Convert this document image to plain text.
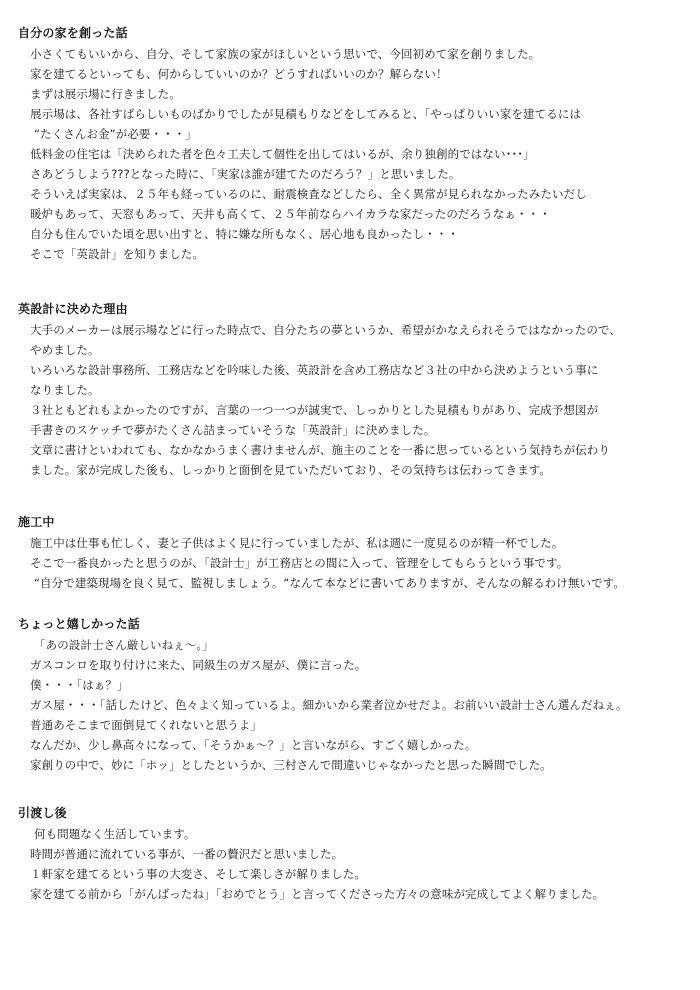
自分の家を創った話
小さくてもいいから、自分、そして家族の家がほしいという思いで、今回初めて家を創りました。
家を建てるといっても、何からしていいのか？どうすればいいのか？解らない！
まずは展示場に行きました。
展示場は、各社すばらしいものばかりでしたが見積もりなどをしてみると、「やっぱりいい家を建てるには
“たくさんお金”が必要・・・」
低料金の住宅は「決められた者を色々工夫して個性を出してはいるが、余り独創的ではない･･･」
さあどうしよう???となった時に、「実家は誰が建てたのだろう？」と思いました。
そういえば実家は、２５年も経っているのに、耐震検査などしたら、全く異常が見られなかったみたいだし
暖炉もあって、天窓もあって、天井も高くて、２５年前ならハイカラな家だったのだろうなぁ・・・
自分も住んでいた頃を思い出すと、特に嫌な所もなく、居心地も良かったし・・・
そこで「英設計」を知りました。
英設計に決めた理由
大手のメーカーは展示場などに行った時点で、自分たちの夢というか、希望がかなえられそうではなかったので、
やめました。
いろいろな設計事務所、工務店などを吟味した後、英設計を含め工務店など３社の中から決めようという事に
なりました。
３社ともどれもよかったのですが、言葉の一つ一つが誠実で、しっかりとした見積もりがあり、完成予想図が
手書きのスケッチで夢がたくさん詰まっていそうな「英設計」に決めました。
文章に書けといわれても、なかなかうまく書けませんが、施主のことを一番に思っているという気持ちが伝わり
ました。家が完成した後も、しっかりと面倒を見ていただいており、その気持ちは伝わってきます。
施工中
施工中は仕事も忙しく、妻と子供はよく見に行っていましたが、私は週に一度見るのが精一杯でした。
そこで一番良かったと思うのが、「設計士」が工務店との間に入って、管理をしてもらうという事です。
“自分で建築現場を良く見て、監視しましょう。“なんて本などに書いてありますが、そんなの解るわけ無いです。
ちょっと嬉しかった話
「あの設計士さん厳しいねぇ〜。」
ガスコンロを取り付けに来た、同級生のガス屋が、僕に言った。
僕・・・「はぁ？」
ガス屋・・・「話したけど、色々よく知っているよ。細かいから業者泣かせだよ。お前いい設計士さん選んだねぇ。
普通あそこまで面倒見てくれないと思うよ」
なんだか、少し鼻高々になって、「そうかぁ〜？」と言いながら、すごく嬉しかった。
家創りの中で、妙に「ホッ」としたというか、三村さんで間違いじゃなかったと思った瞬間でした。
引渡し後
何も問題なく生活しています。
時間が普通に流れている事が、一番の贅沢だと思いました。
１軒家を建てるという事の大変さ、そして楽しさが解りました。
家を建てる前から「がんばったね」「おめでとう」と言ってくださった方々の意味が完成してよく解りました。
